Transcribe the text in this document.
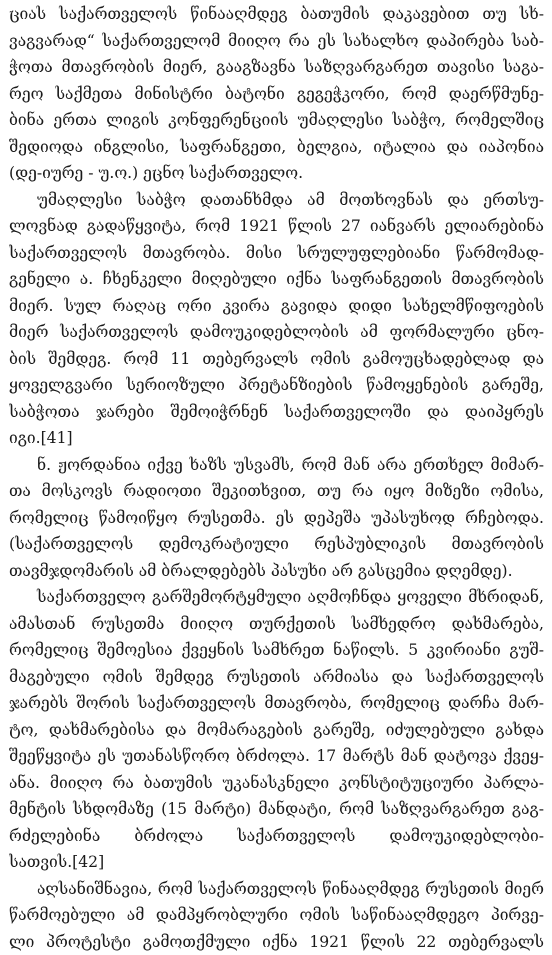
ციას საქართველოს წინააღმდეგ ბათუმის დაკავებით თუ სხ-
ვაგვარად“ საქართველომ მიიღო რა ეს სახალხო დაპირება საბ-
ჭოთა მთავრობის მიერ, გააგზავნა საზღვარგარეთ თავისი საგა-
რეო საქმეთა მინისტრი ბატონი გეგეჭკორი, რომ დაერწმუნე-
ბინა ერთა ლიგის კონფერენციის უმაღლესი საბჭო, რომელშიც
შედიოდა ინგლისი, საფრანგეთი, ბელგია, იტალია და იაპონია
(დე-იურე - უ.ო.) ეცნო საქართველო.
უმაღლესი საბჭო დათანხმდა ამ მოთხოვნას და ერთსუ-
ლოვნად გადაწყვიტა, რომ 1921 წლის 27 იანვარს ელიარებინა
საქართველოს მთავრობა. მისი სრულუფლებიანი წარმომად-
გენელი ა. ჩხენკელი მიღებული იქნა საფრანგეთის მთავრობის
მიერ. სულ რაღაც ორი კვირა გავიდა დიდი სახელმწიფოების
მიერ საქართველოს დამოუკიდებლობის ამ ფორმალური ცნო-
ბის შემდეგ. რომ 11 თებერვალს ომის გამოუცხადებლად და
ყოველგვარი სერიოზული პრეტანზიების წამოყენების გარეშე,
საბჭოთა ჯარები შემოიჭრნენ საქართველოში და დაიპყრეს
იგი.[41]
ნ. ჟორდანია იქვე ხაზს უსვამს, რომ მან არა ერთხელ მიმარ-
თა მოსკოვს რადიოთი შეკითხვით, თუ რა იყო მიზეზი ომისა,
რომელიც წამოიწყო რუსეთმა. ეს დეპეშა უპასუხოდ რჩებოდა.
(საქართველოს დემოკრატიული რესპუბლიკის მთავრობის
თავმჯდომარის ამ ბრალდებებს პასუხი არ გასცემია დღემდე).
საქართველო გარშემორტყმული აღმოჩნდა ყოველი მხრიდან,
ამასთან რუსეთმა მიიღო თურქეთის სამხედრო დახმარება,
რომელიც შემოესია ქვეყნის სამხრეთ ნაწილს. 5 კვირიანი გუშ-
მაგებული ომის შემდეგ რუსეთის არმიასა და საქართველოს
ჯარებს შორის საქართველოს მთავრობა, რომელიც დარჩა მარ-
ტო, დახმარებისა და მომარაგების გარეშე, იძულებული გახდა
შეეწყვიტა ეს უთანასწორო ბრძოლა. 17 მარტს მან დატოვა ქვეყ-
ანა. მიიღო რა ბათუმის უკანასკნელი კონსტიტუციური პარლა-
მენტის სხდომაზე (15 მარტი) მანდატი, რომ საზღვარგარეთ გაგ-
რძელებინა ბრძოლა საქართველოს დამოუკიდებლობი-
სათვის.[42]
აღსანიშნავია, რომ საქართველოს წინააღმდეგ რუსეთის მიერ
წარმოებული ამ დამპყრობლური ომის საწინააღმდეგო პირვე-
ლი პროტესტი გამოთქმული იქნა 1921 წლის 22 თებერვალს
